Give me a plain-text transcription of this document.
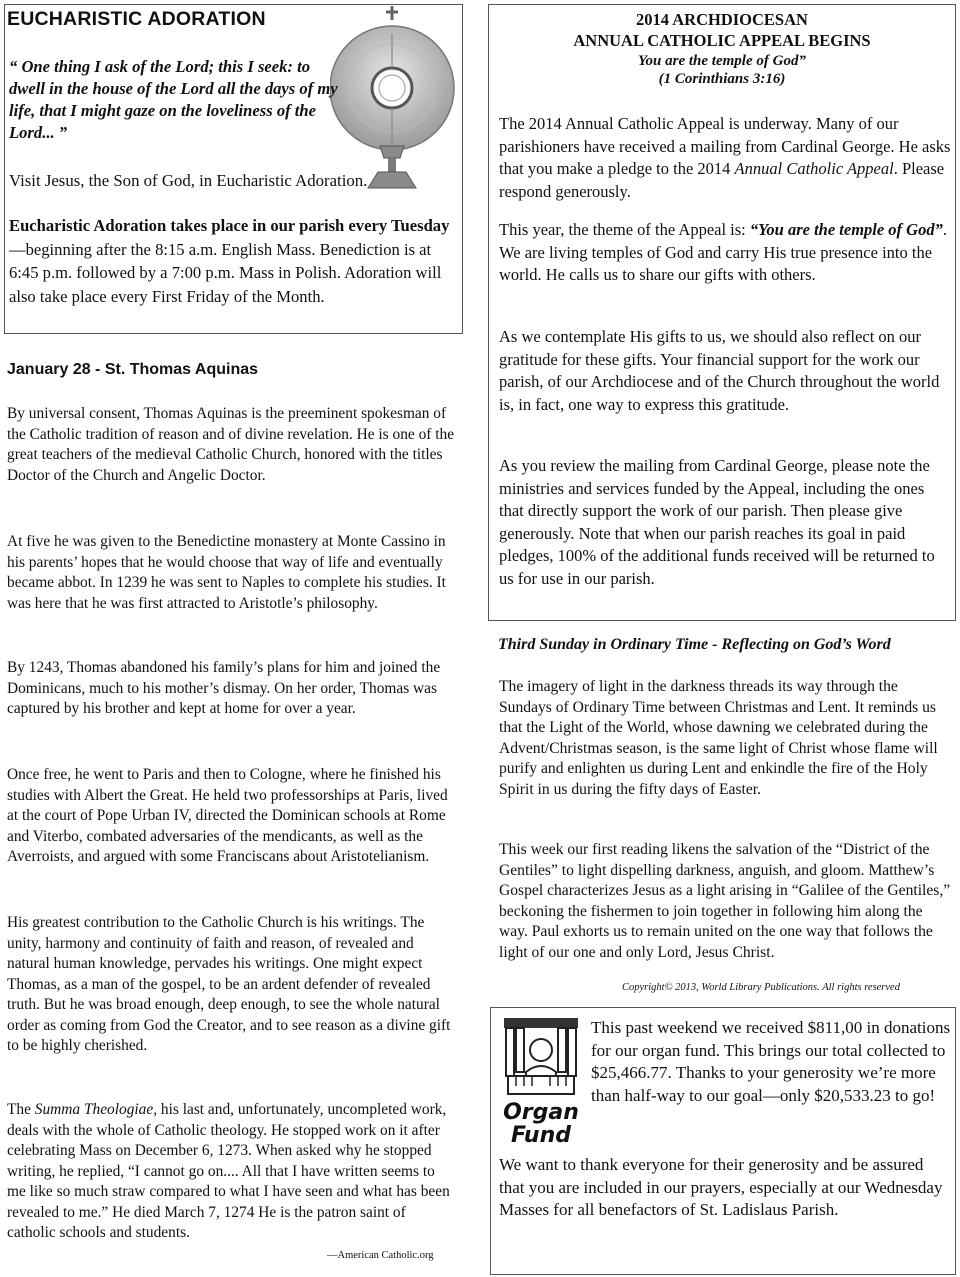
EUCHARISTIC ADORATION

“ One thing I ask of the Lord; this I seek: to dwell in the house of the Lord all the days of my life, that I might gaze on the loveliness of the Lord... ”

Visit Jesus, the Son of God, in Eucharistic Adoration.

Eucharistic Adoration takes place in our parish every Tuesday—beginning after the 8:15 a.m. English Mass. Benediction is at 6:45 p.m. followed by a 7:00 p.m. Mass in Polish. Adoration will also take place every First Friday of the Month.

January 28 - St. Thomas Aquinas

By universal consent, Thomas Aquinas is the preeminent spokesman of the Catholic tradition of reason and of divine revelation. He is one of the great teachers of the medieval Catholic Church, honored with the titles Doctor of the Church and Angelic Doctor.

At five he was given to the Benedictine monastery at Monte Cassino in his parents’ hopes that he would choose that way of life and eventually became abbot. In 1239 he was sent to Naples to complete his studies. It was here that he was first attracted to Aristotle’s philosophy.

By 1243, Thomas abandoned his family’s plans for him and joined the Dominicans, much to his mother’s dismay. On her order, Thomas was captured by his brother and kept at home for over a year.

Once free, he went to Paris and then to Cologne, where he finished his studies with Albert the Great. He held two professorships at Paris, lived at the court of Pope Urban IV, directed the Dominican schools at Rome and Viterbo, combated adversaries of the mendicants, as well as the Averroists, and argued with some Franciscans about Aristotelianism.

His greatest contribution to the Catholic Church is his writings. The unity, harmony and continuity of faith and reason, of revealed and natural human knowledge, pervades his writings. One might expect Thomas, as a man of the gospel, to be an ardent defender of revealed truth. But he was broad enough, deep enough, to see the whole natural order as coming from God the Creator, and to see reason as a divine gift to be highly cherished.

The Summa Theologiae, his last and, unfortunately, uncompleted work, deals with the whole of Catholic theology. He stopped work on it after celebrating Mass on December 6, 1273. When asked why he stopped writing, he replied, “I cannot go on.... All that I have written seems to me like so much straw compared to what I have seen and what has been revealed to me.” He died March 7, 1274 He is the patron saint of catholic schools and students.

—American Catholic.org
2014 ARCHDIOCESAN
ANNUAL CATHOLIC APPEAL BEGINS
You are the temple of God”
(1 Corinthians 3:16)

The 2014 Annual Catholic Appeal is underway. Many of our parishioners have received a mailing from Cardinal George. He asks that you make a pledge to the 2014 Annual Catholic Appeal. Please respond generously.

This year, the theme of the Appeal is: “You are the temple of God”. We are living temples of God and carry His true presence into the world. He calls us to share our gifts with others.

As we contemplate His gifts to us, we should also reflect on our gratitude for these gifts. Your financial support for the work our parish, of our Archdiocese and of the Church throughout the world is, in fact, one way to express this gratitude.

As you review the mailing from Cardinal George, please note the ministries and services funded by the Appeal, including the ones that directly support the work of our parish. Then please give generously. Note that when our parish reaches its goal in paid pledges, 100% of the additional funds received will be returned to us for use in our parish.

Third Sunday in Ordinary Time - Reflecting on God’s Word

The imagery of light in the darkness threads its way through the Sundays of Ordinary Time between Christmas and Lent. It reminds us that the Light of the World, whose dawning we celebrated during the Advent/Christmas season, is the same light of Christ whose flame will purify and enlighten us during Lent and enkindle the fire of the Holy Spirit in us during the fifty days of Easter.

This week our first reading likens the salvation of the “District of the Gentiles” to light dispelling darkness, anguish, and gloom. Matthew’s Gospel characterizes Jesus as a light arising in “Galilee of the Gentiles,” beckoning the fishermen to join together in following him along the way. Paul exhorts us to remain united on the one way that follows the light of our one and only Lord, Jesus Christ.

Copyright© 2013, World Library Publications. All rights reserved
Organ
Fund

This past weekend we received $811,00 in donations for our organ fund. This brings our total collected to $25,466.77. Thanks to your generosity we’re more than half-way to our goal—only $20,533.23 to go!

We want to thank everyone for their generosity and be assured that you are included in our prayers, especially at our Wednesday Masses for all benefactors of St. Ladislaus Parish.
